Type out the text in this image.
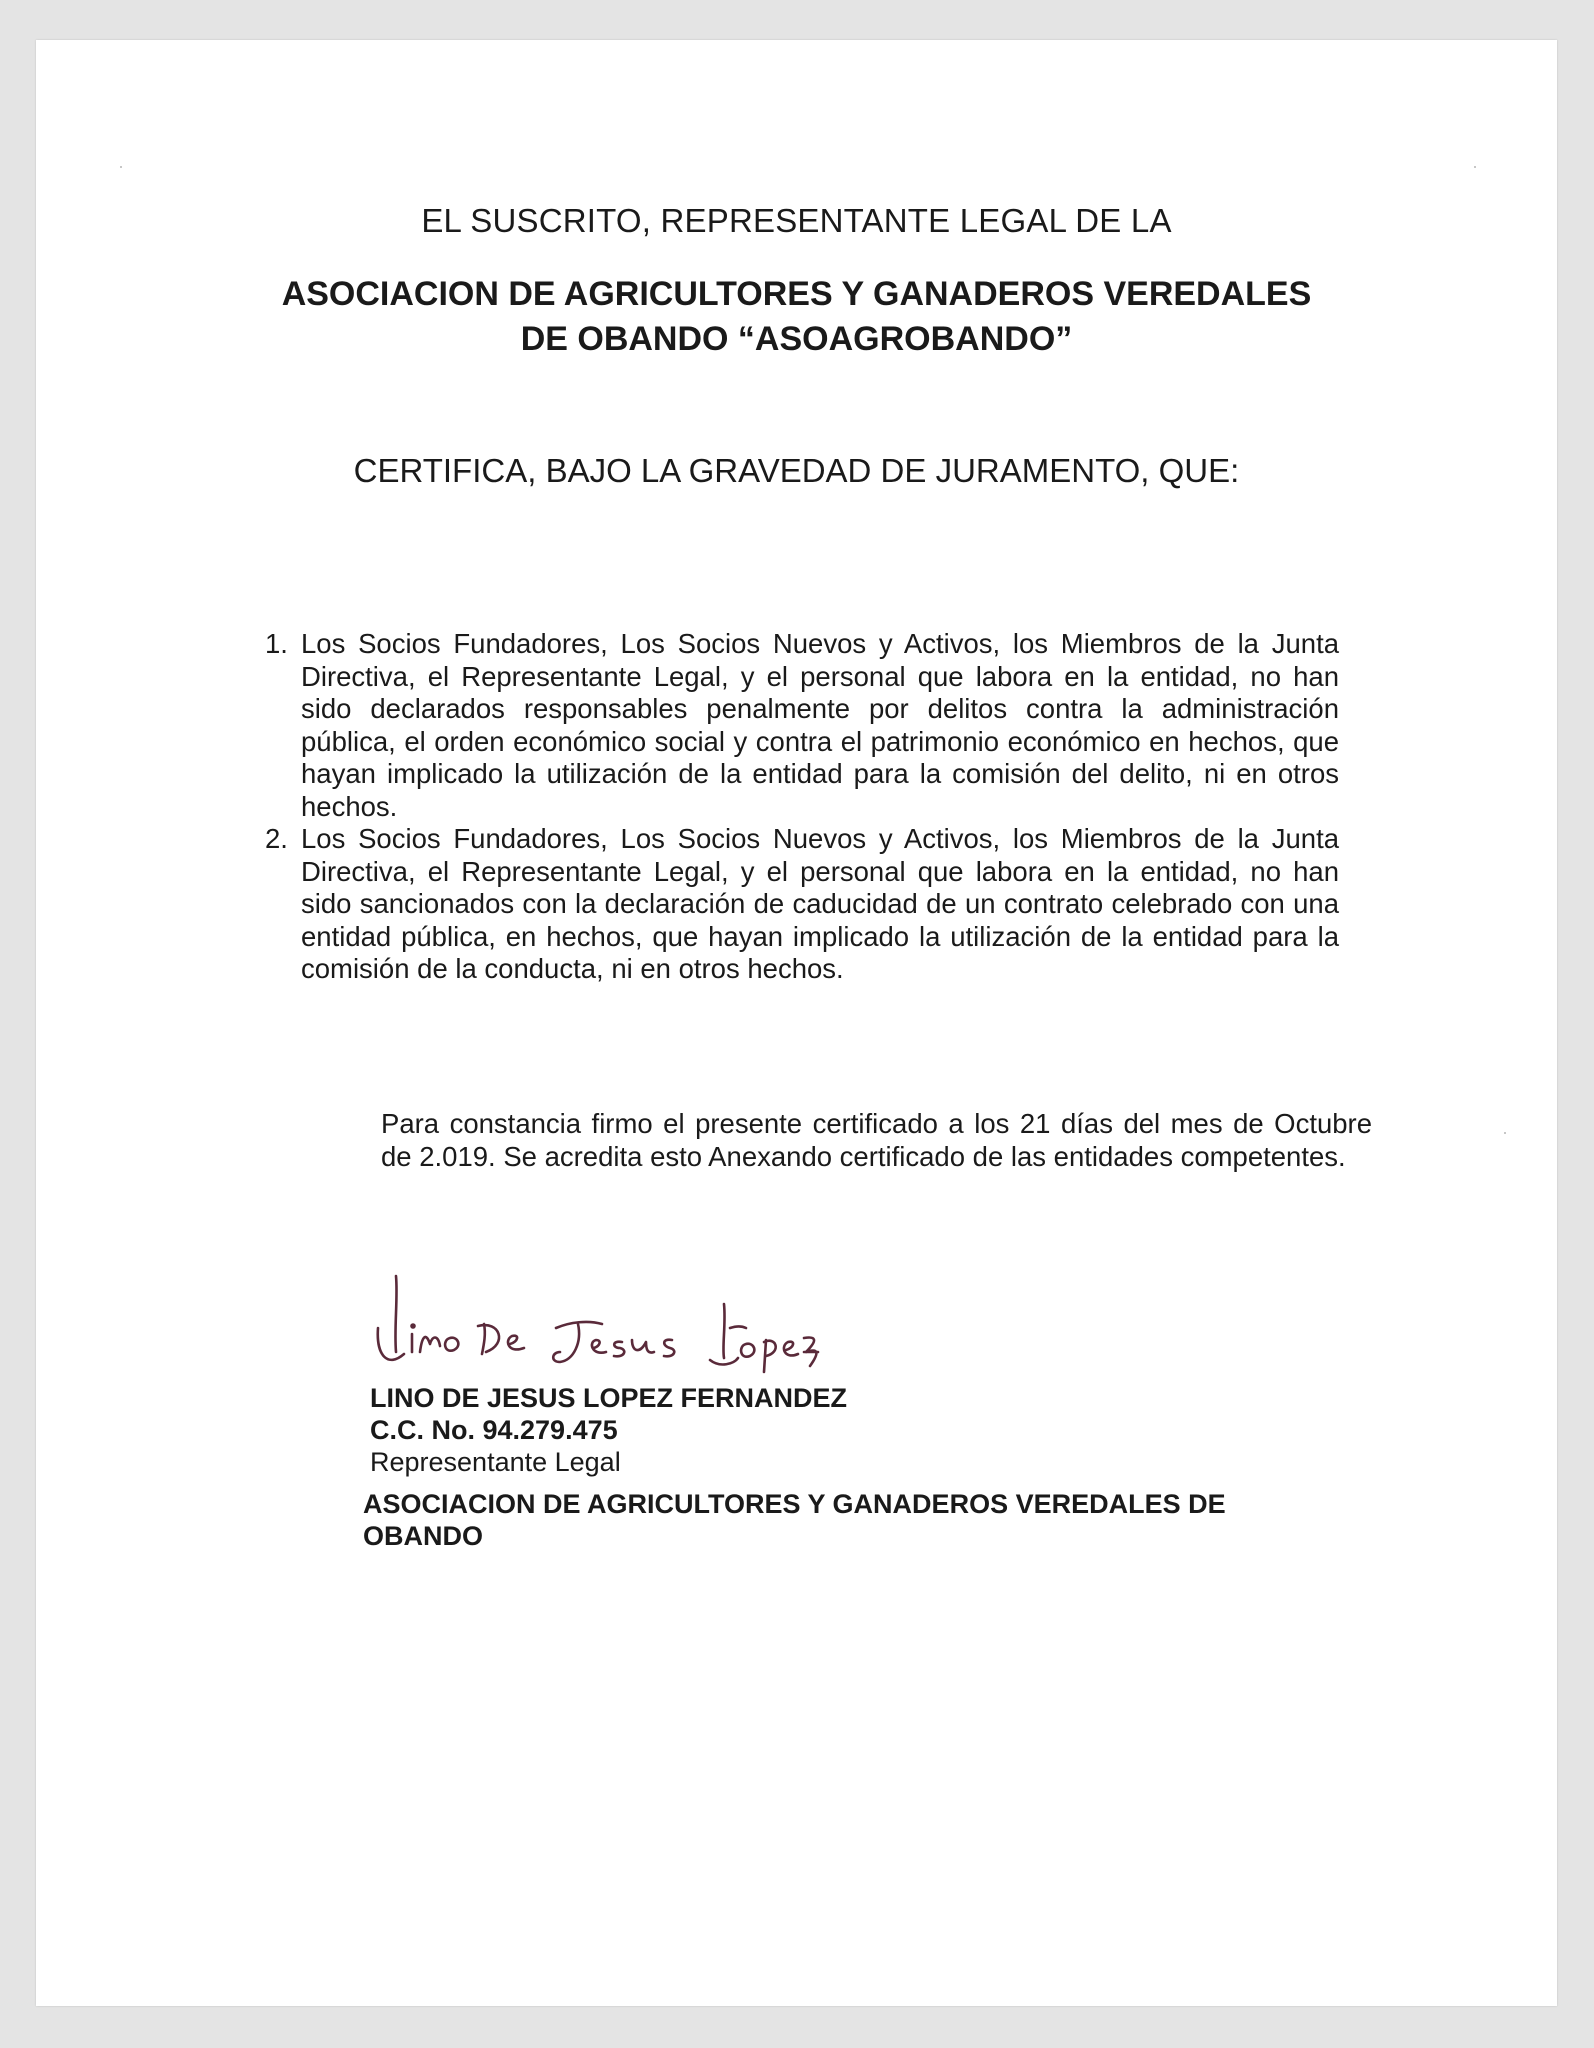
EL SUSCRITO, REPRESENTANTE LEGAL DE LA
ASOCIACION DE AGRICULTORES Y GANADEROS VEREDALES
DE OBANDO “ASOAGROBANDO”
CERTIFICA, BAJO LA GRAVEDAD DE JURAMENTO, QUE:
1. Los Socios Fundadores, Los Socios Nuevos y Activos, los Miembros de la Junta Directiva, el Representante Legal, y el personal que labora en la entidad, no han sido declarados responsables penalmente por delitos contra la administración pública, el orden económico social y contra el patrimonio económico en hechos, que hayan implicado la utilización de la entidad para la comisión del delito, ni en otros hechos.
2. Los Socios Fundadores, Los Socios Nuevos y Activos, los Miembros de la Junta Directiva, el Representante Legal, y el personal que labora en la entidad, no han sido sancionados con la declaración de caducidad de un contrato celebrado con una entidad pública, en hechos, que hayan implicado la utilización de la entidad para la comisión de la conducta, ni en otros hechos.
Para constancia firmo el presente certificado a los 21 días del mes de Octubre de 2.019. Se acredita esto Anexando certificado de las entidades competentes.
LINO DE JESUS LOPEZ FERNANDEZ
C.C. No. 94.279.475
Representante Legal
ASOCIACION DE AGRICULTORES Y GANADEROS VEREDALES DE
OBANDO
